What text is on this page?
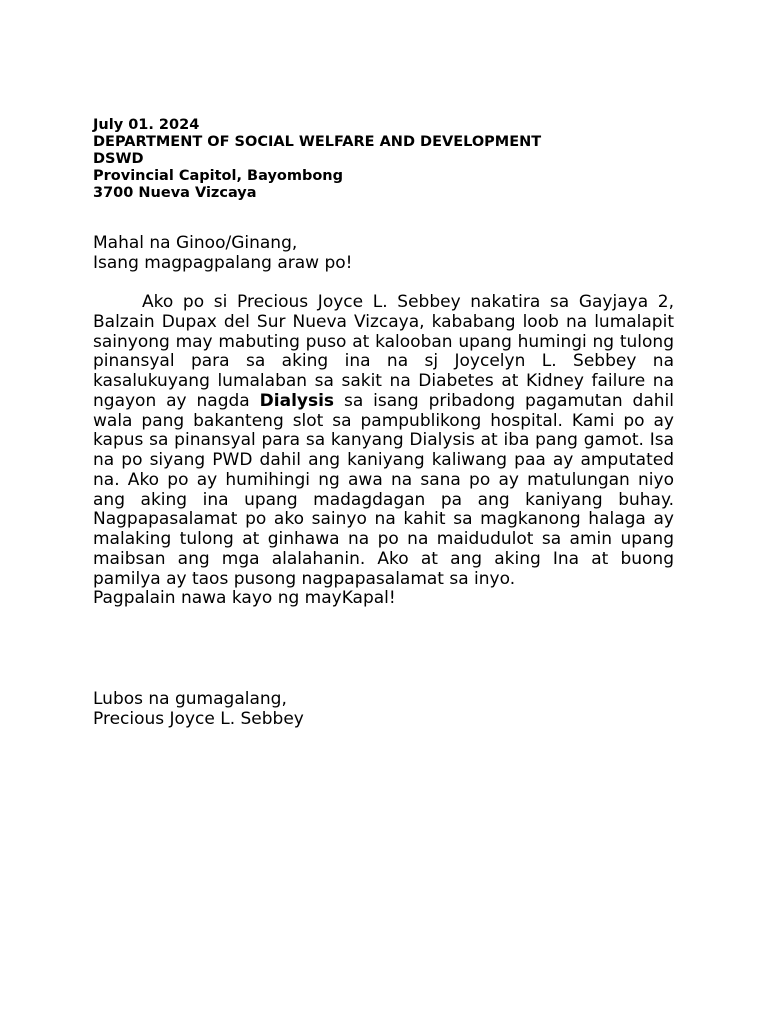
July 01. 2024
DEPARTMENT OF SOCIAL WELFARE AND DEVELOPMENT
DSWD
Provincial Capitol, Bayombong
3700 Nueva Vizcaya
Mahal na Ginoo/Ginang,
Isang magpagpalang araw po!

Ako po si Precious Joyce L. Sebbey nakatira sa Gayjaya 2, Balzain Dupax del Sur Nueva Vizcaya, kababang loob na lumalapit sainyong may mabuting puso at kalooban upang humingi ng tulong pinansyal para sa aking ina na sj Joycelyn L. Sebbey na kasalukuyang lumalaban sa sakit na Diabetes at Kidney failure na ngayon ay nagda Dialysis sa isang pribadong pagamutan dahil wala pang bakanteng slot sa pampublikong hospital. Kami po ay kapus sa pinansyal para sa kanyang Dialysis at iba pang gamot. Isa na po siyang PWD dahil ang kaniyang kaliwang paa ay amputated na. Ako po ay humihingi ng awa na sana po ay matulungan niyo ang aking ina upang madagdagan pa ang kaniyang buhay. Nagpapasalamat po ako sainyo na kahit sa magkanong halaga ay malaking tulong at ginhawa na po na maidudulot sa amin upang maibsan ang mga alalahanin. Ako at ang aking Ina at buong pamilya ay taos pusong nagpapasalamat sa inyo.

Pagpalain nawa kayo ng mayKapal!

Lubos na gumagalang,
Precious Joyce L. Sebbey
